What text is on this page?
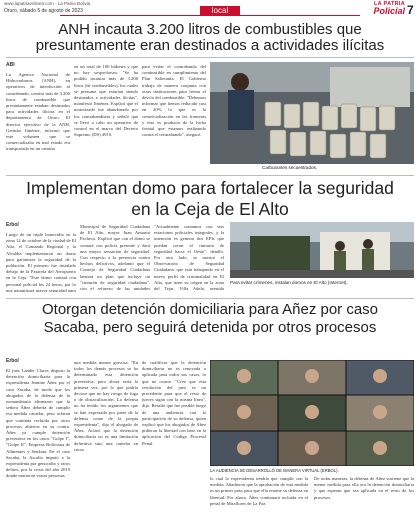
www.lapatriaenlinea.com · La Patria Bolivia
Oruro, sábado 5 de agosto de 2023	local
LA PATRIA
Policial 7
ANH incauta 3.200 litros de combustibles que presuntamente eran destinados a actividades ilícitas
ABI
La Agencia Nacional de Hidrocarburos (ANH), en operativos de interdicción al contrabando, comisó más de 3.200 litros de combustible que presuntamente estaban destinados para actividades ilícitas en el departamento de Oruro. El director ejecutivo de la ANH, Germán Jiménez, informó que este volumen que se comercializaba en mal estado era transportado en un camión
en un total de 100 bidones y que no hay sospechosos. "Se ha podido incautar más de 3.200 litros (de combustibles), los cuales se presume que estarían siendo destinados a actividades ilícitas", manifestó Jiménez. Explicó que el motorizado fue abandonado por los contrabandistas y señaló que se llevó a cabo un operativo de control en el marco del Decreto Supremo (DS) 4910,
para evitar el contrabando del combustible en cumplimiento del Plan Soberanía. El Gobierno trabaja de manera conjunta con otras instituciones para frenar el desvío del combustible. "Debemos informar que hemos reducido casi en 20% lo que es la comercialización en las fronteras y esto es producto de la lucha frontal que estamos realizando contra el contrabando", aseguró.
Carburantes secuestrados.
Implementan domo para fortalecer la seguridad en la Ceja de El Alto
Erbol
Luego de un triple homicidio en la zona 12 de octubre de la ciudad de El Alto, el Comando Regional y la Alcaldía implementaron un domo para garantizar la seguridad de la población. El primero fue instalado debajo de la Pasarela del Aeropuerto en la Ceja. "Este domo contará con personal policial las 24 horas, por lo que garantizará mayor seguridad para
Municipal de Seguridad Ciudadana de El Alto, mayor Juan Antonio Pacheco. Explicó que con el domo se contará con policía presente y dará una mayor sensación de seguridad. Con respecto a la presencia contra hechos delictivos, adelantó que el Consejo de Seguridad Ciudadana lanzará un plan que incluye un "cinturón de seguridad ciudadana", con el refuerzo de las unidades
"Actualmente contamos con seis estaciones policiales integrales, y la intención es generar dos EPIs que puedan cerrar el cinturón de seguridad hacia el Oeste", detalló. Por otro lado, se mostró el Observatorio de Seguridad Ciudadana, que está trabajando en el nuevo perfil de criminalidad en El Alto, que tiene su origen en la zona del Tejar, Villa Adela, avenida
Para evitar crímenes, instalan domos en El Alto (Internet).
Otorgan detención domiciliaria para Añez por caso Sacaba, pero seguirá detenida por otros procesos
Erbol
El juez Lander Claros dispuso la detención domiciliaria para la expresidenta Jeanine Áñez por el caso Sacaba, de modo que los abogados de la defensa de la exmandataria afirmaron que la señora Áñez debería de cumplir esa medida cautelar, pero aclaran que continúa recluida por otros procesos abiertos en su contra. Áñez ya cumple detención preventiva en los casos "Golpe I", "Golpe II", Empresa Boliviana de Alimentos y Senkata. En el caso Sacaba, la fiscalía imputó a la expresidenta por genocidio y otros delitos, por la crisis del año 2019 donde murieron varias personas.
una medida menos gravosa. "En todos los demás procesos se ha determinado esta detención preventiva, pero ahora sería la primera vez, por lo que podría decirse que no hay riesgo de fuga o de obstaculización. La defensa no ha tenido los argumentos que se han expresado por parte de la defensa como de la propia expresidenta", dijo el abogado de Áñez. Aclaró que la detención domiciliaria no es una limitación definitiva sino una cautelar en curso.
de cualificar que la detención domiciliaria no es renovada o aplicada para todos sus casos, lo que no ocurre. "Creo que esta resolución del juez es un precedente para que el resto de jueces sigan con la misma línea", dijo. Resaltó que fue posible luego de una audiencia con la participación de su defensa, quien explicó que los abogados de Añez pidieron la libertad con base en la aplicación del Código Procesal Penal.
LA AUDIENCIA SE DESARROLLÓ DE MANERA VIRTUAL (ERBOL).
lo cual la expresidenta tendría que cumplir con la medida. Añadieron que la aprobación de esta medida es un primer paso para que ella retome su defensa en libertad. Por ahora, Áñez continuará recluida en el penal de Miraflores de La Paz.
De todas maneras, la defensa de Añez sostiene que la menor medida para ella era la detención domiciliaria y que esperan que sea aplicada en el resto de los procesos.
